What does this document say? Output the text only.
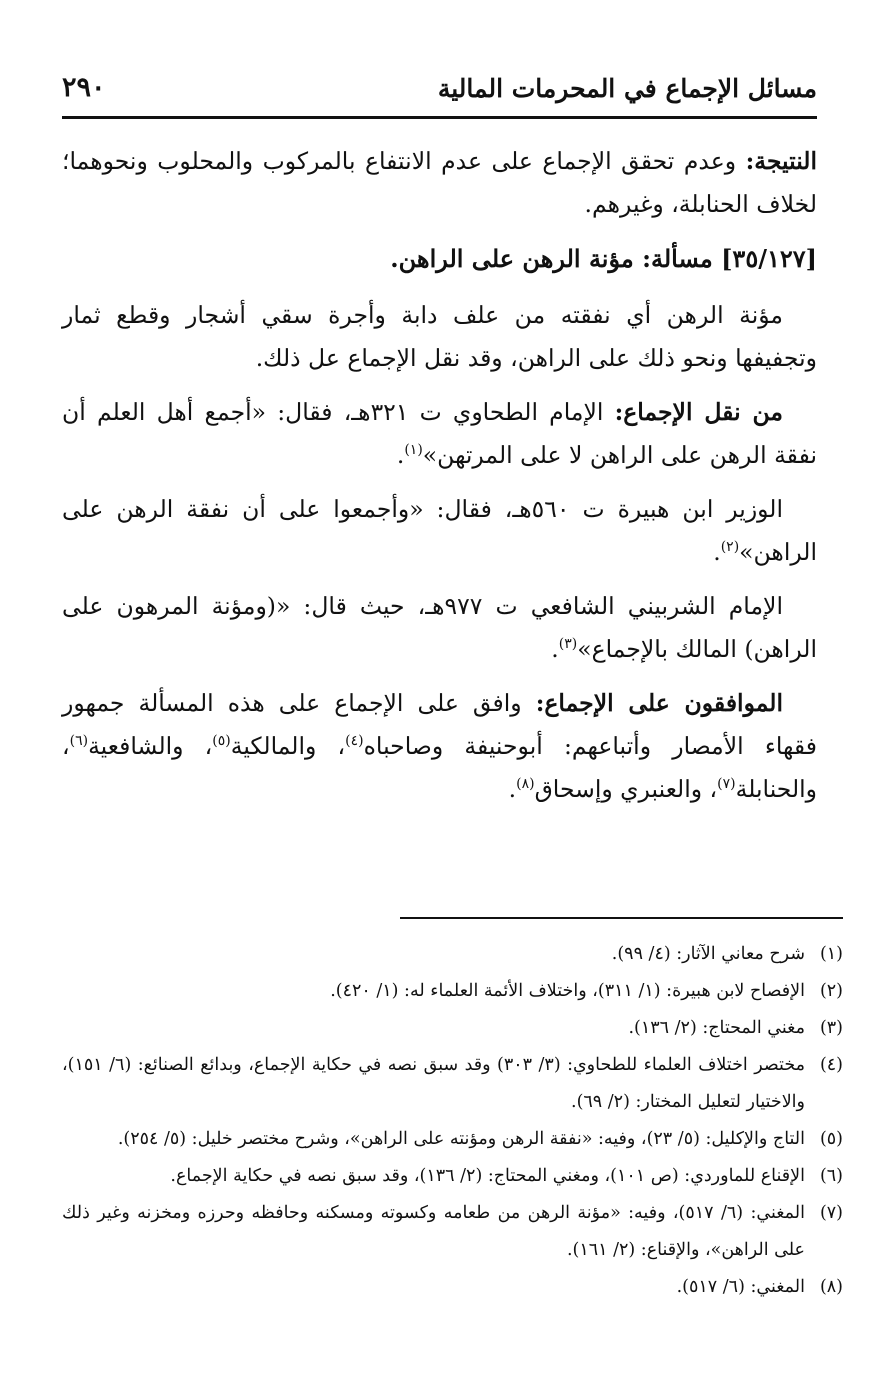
مسائل الإجماع في المحرمات المالية
٢٩٠

النتيجة: وعدم تحقق الإجماع على عدم الانتفاع بالمركوب والمحلوب ونحوهما؛ لخلاف الحنابلة، وغيرهم.

[٣٥/١٢٧] مسألة: مؤنة الرهن على الراهن.

مؤنة الرهن أي نفقته من علف دابة وأجرة سقي أشجار وقطع ثمار وتجفيفها ونحو ذلك على الراهن، وقد نقل الإجماع عل ذلك.

من نقل الإجماع: الإمام الطحاوي ت ٣٢١هـ، فقال: «أجمع أهل العلم أن نفقة الرهن على الراهن لا على المرتهن»$^{(١)}$.

الوزير ابن هبيرة ت ٥٦٠هـ، فقال: «وأجمعوا على أن نفقة الرهن على الراهن»$^{(٢)}$.

الإمام الشربيني الشافعي ت ٩٧٧هـ، حيث قال: «(ومؤنة المرهون على الراهن) المالك بالإجماع»$^{(٣)}$.

الموافقون على الإجماع: وافق على الإجماع على هذه المسألة جمهور فقهاء الأمصار وأتباعهم: أبوحنيفة وصاحباه$^{(٤)}$، والمالكية$^{(٥)}$، والشافعية$^{(٦)}$، والحنابلة$^{(٧)}$، والعنبري وإسحاق$^{(٨)}$.

(١)
شرح معاني الآثار: (٤/ ٩٩).
(٢)
الإفصاح لابن هبيرة: (١/ ٣١١)، واختلاف الأئمة العلماء له: (١/ ٤٢٠).
(٣)
مغني المحتاج: (٢/ ١٣٦).
(٤)
مختصر اختلاف العلماء للطحاوي: (٣/ ٣٠٣) وقد سبق نصه في حكاية الإجماع، وبدائع الصنائع: (٦/ ١٥١)، والاختيار لتعليل المختار: (٢/ ٦٩).
(٥)
التاج والإكليل: (٥/ ٢٣)، وفيه: «نفقة الرهن ومؤنته على الراهن»، وشرح مختصر خليل: (٥/ ٢٥٤).
(٦)
الإقناع للماوردي: (ص ١٠١)، ومغني المحتاج: (٢/ ١٣٦)، وقد سبق نصه في حكاية الإجماع.
(٧)
المغني: (٦/ ٥١٧)، وفيه: «مؤنة الرهن من طعامه وكسوته ومسكنه وحافظه وحرزه ومخزنه وغير ذلك على الراهن»، والإقناع: (٢/ ١٦١).
(٨)
المغني: (٦/ ٥١٧).
